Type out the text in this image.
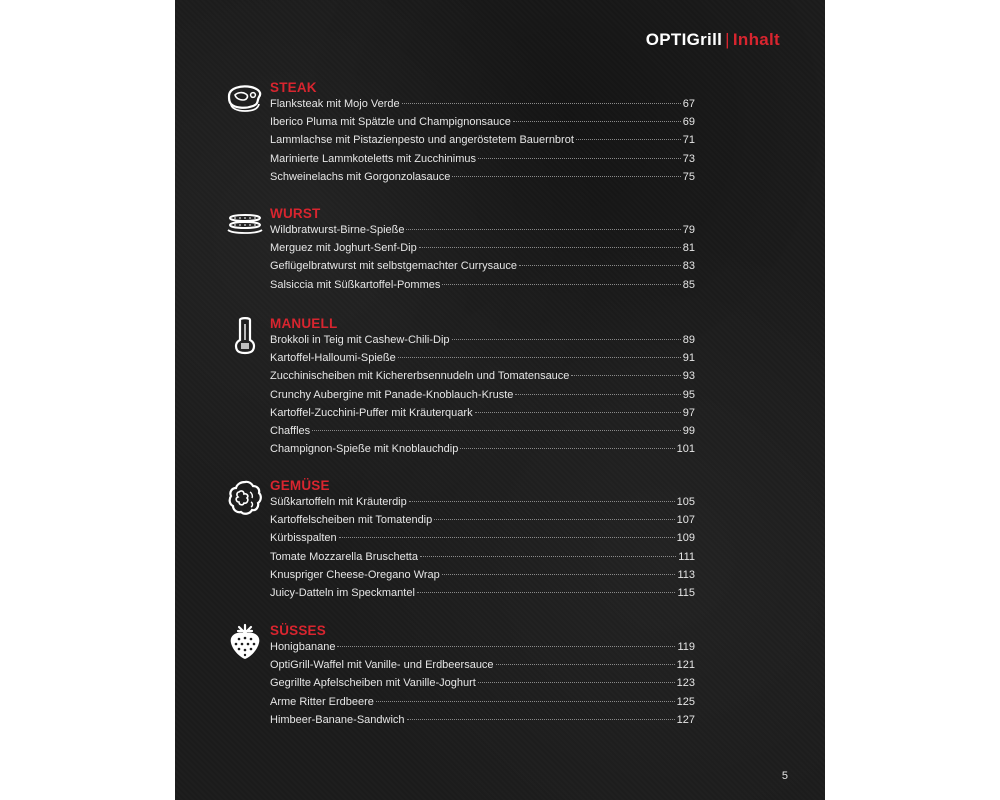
OPTIGrill | Inhalt
STEAK
Flanksteak mit Mojo Verde	67
Iberico Pluma mit Spätzle und Champignonsauce	69
Lammlachse mit Pistazienpesto und angeröstetem Bauernbrot	71
Marinierte Lammkoteletts mit Zucchinimus	73
Schweinelachs mit Gorgonzolasauce	75
WURST
Wildbratwurst-Birne-Spieße	79
Merguez mit Joghurt-Senf-Dip	81
Geflügelbratwurst mit selbstgemachter Currysauce	83
Salsiccia mit Süßkartoffel-Pommes	85
MANUELL
Brokkoli in Teig mit Cashew-Chili-Dip	89
Kartoffel-Halloumi-Spieße	91
Zucchinischeiben mit Kichererbsennudeln und Tomatensauce	93
Crunchy Aubergine mit Panade-Knoblauch-Kruste	95
Kartoffel-Zucchini-Puffer mit Kräuterquark	97
Chaffles	99
Champignon-Spieße mit Knoblauchdip	101
GEMÜSE
Süßkartoffeln mit Kräuterdip	105
Kartoffelscheiben mit Tomatendip	107
Kürbisspalten	109
Tomate Mozzarella Bruschetta	111
Knuspriger Cheese-Oregano Wrap	113
Juicy-Datteln im Speckmantel	115
SÜSSES
Honigbanane	119
OptiGrill-Waffel mit Vanille- und Erdbeersauce	121
Gegrillte Apfelscheiben mit Vanille-Joghurt	123
Arme Ritter Erdbeere	125
Himbeer-Banane-Sandwich	127
5
